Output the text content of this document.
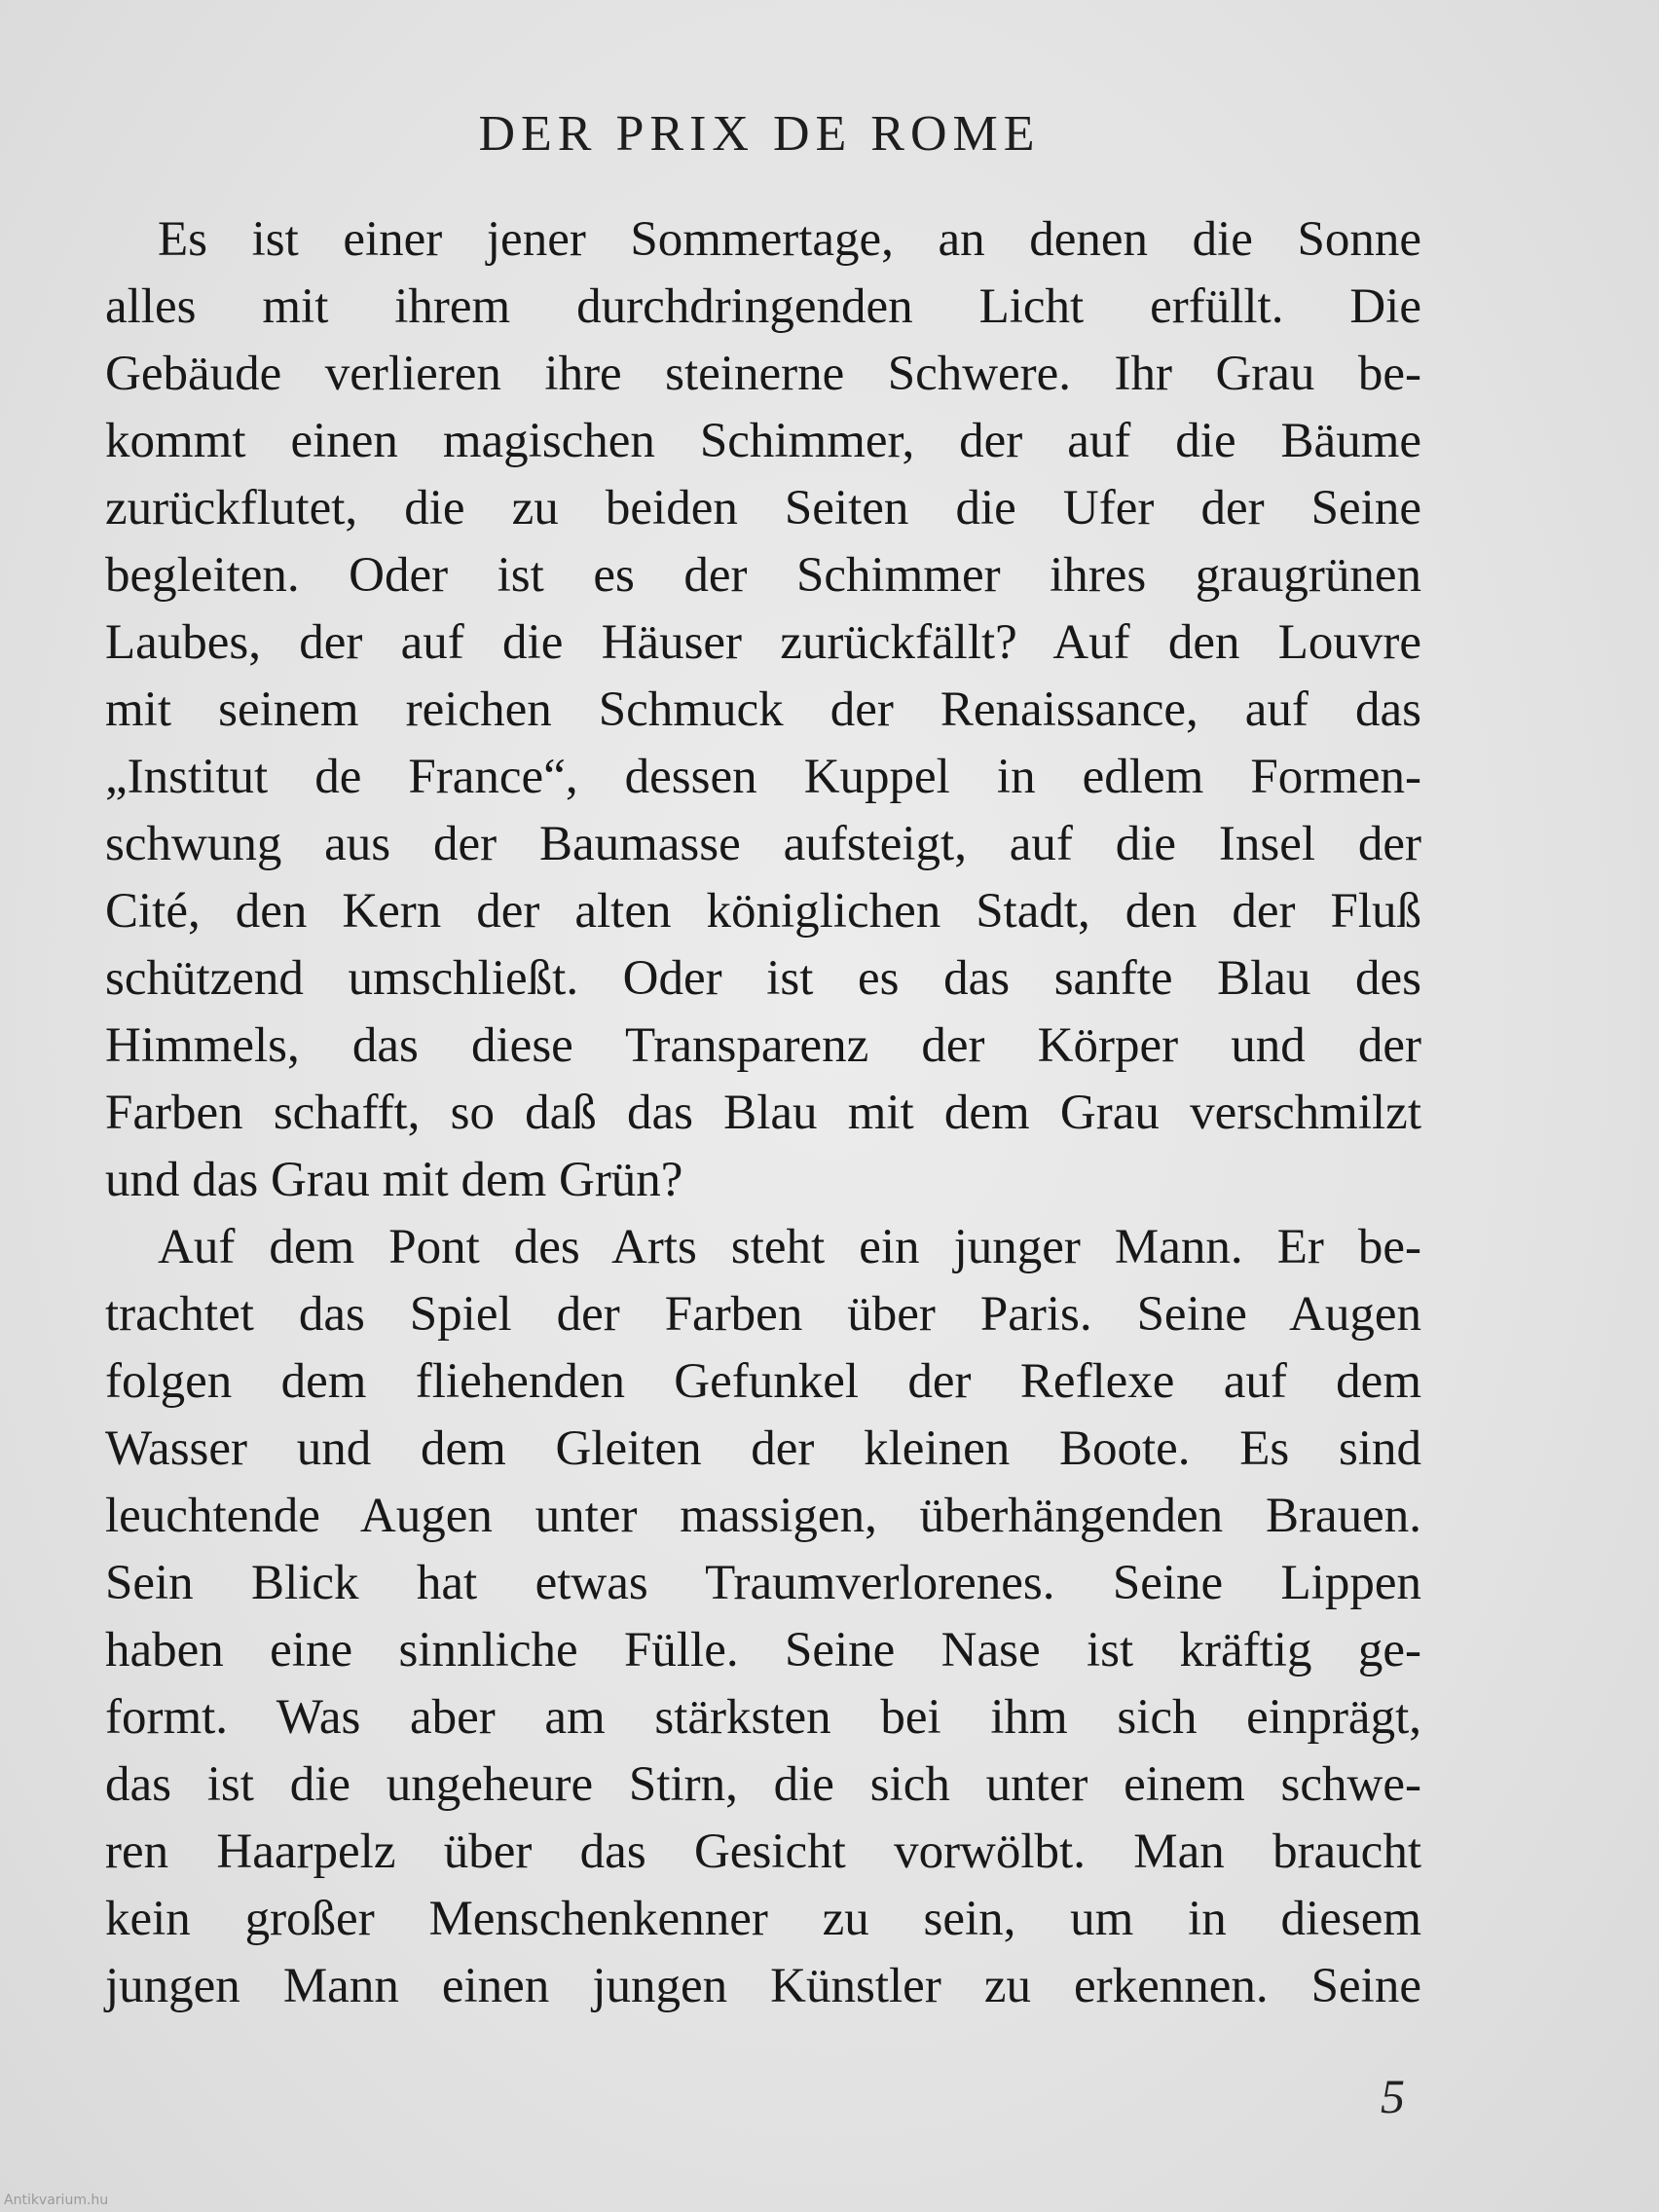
DER PRIX DE ROME
Es ist einer jener Sommertage, an denen die Sonne
alles mit ihrem durchdringenden Licht erfüllt. Die
Gebäude verlieren ihre steinerne Schwere. Ihr Grau be-
kommt einen magischen Schimmer, der auf die Bäume
zurückflutet, die zu beiden Seiten die Ufer der Seine
begleiten. Oder ist es der Schimmer ihres graugrünen
Laubes, der auf die Häuser zurückfällt? Auf den Louvre
mit seinem reichen Schmuck der Renaissance, auf das
„Institut de France“, dessen Kuppel in edlem Formen-
schwung aus der Baumasse aufsteigt, auf die Insel der
Cité, den Kern der alten königlichen Stadt, den der Fluß
schützend umschließt. Oder ist es das sanfte Blau des
Himmels, das diese Transparenz der Körper und der
Farben schafft, so daß das Blau mit dem Grau verschmilzt
und das Grau mit dem Grün?
Auf dem Pont des Arts steht ein junger Mann. Er be-
trachtet das Spiel der Farben über Paris. Seine Augen
folgen dem fliehenden Gefunkel der Reflexe auf dem
Wasser und dem Gleiten der kleinen Boote. Es sind
leuchtende Augen unter massigen, überhängenden Brauen.
Sein Blick hat etwas Traumverlorenes. Seine Lippen
haben eine sinnliche Fülle. Seine Nase ist kräftig ge-
formt. Was aber am stärksten bei ihm sich einprägt,
das ist die ungeheure Stirn, die sich unter einem schwe-
ren Haarpelz über das Gesicht vorwölbt. Man braucht
kein großer Menschenkenner zu sein, um in diesem
jungen Mann einen jungen Künstler zu erkennen. Seine
5
Antikvarium.hu
